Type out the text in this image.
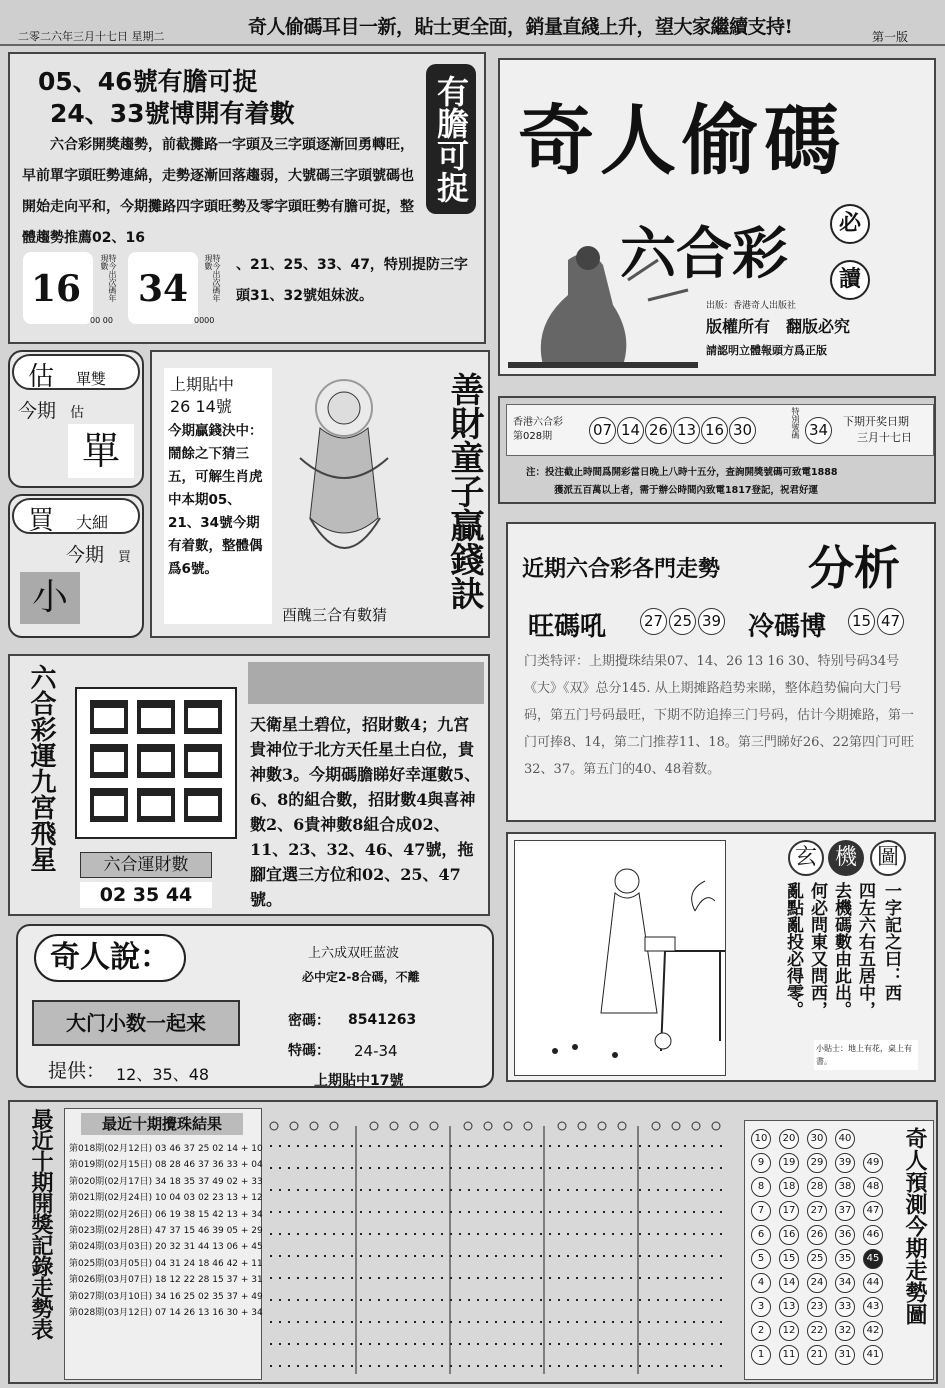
二零二六年三月十七日 星期二	奇人偷碼耳目一新，貼士更全面，銷量直綫上升，望大家繼續支持!	第一版
05、46號有膽可捉
24、33號博開有着數
六合彩開獎趨勢，前截攤路一字頭及三字頭逐漸回勇轉旺，早前單字頭旺勢連綿，走勢逐漸回落趨弱，大號碼三字頭號碼也開始走向平和，今期攤路四字頭旺勢及零字頭旺勢有膽可捉，整體趨勢推薦02、16
16	特今出次碼年現數
00 00
34	特今出次碼年現數
0000
、21、25、33、47，特別提防三字頭31、32號姐妹波。
有膽可捉 奇人偷碼
六合彩	必
讀
出版：香港奇人出版社
版權所有　翻版必究
請認明立體報頭方爲正版
估 單雙
今期 估
單
買 大細
今期 買
小
上期貼中
26 14號
今期贏錢決中：鬧餘之下猜三五，可解生肖虎中本期05、21、34號今期有着數，整體偶爲6號。
酉醜三合有數猜
善財童子贏錢訣	香港六合彩
第028期	07 14 26 13 16 30	特別號碼 34	下期开奖日期
三月十七日
注：投注截止時間爲開彩當日晚上八時十五分，查詢開獎號碼可致電1888
獲派五百萬以上者，需于辦公時間內致電1817登記，祝君好運
近期六合彩各門走勢 分析
旺碼吼	27 25 39 冷碼博 15 47
门类特评：上期攪珠结果07、14、26 13 16 30、特别号码34号《大》《双》总分145. 从上期摊路趋势来睇，整体趋势偏向大门号码，第五门号码最旺，下期不防追捧三门号码，估计今期摊路，第一门可捧8、14，第二门推荐11、18。第三門睇好26、22第四门可旺32、37。第五门的40、48着数。
六合彩運九宮飛星	六合運財數
02 35 44
天衛星土碧位，招財數4；九宮貴神位于北方天任星土白位，貴神數3。今期碼膽睇好幸運數5、6、8的組合數，招財數4與喜神數2、6貴神數8組合成02、11、23、32、46、47號，拖腳宜選三方位和02、25、47號。
玄 機 圖
一字記之曰：西
四左六右五居中，
去機碼數由此出。
何必問東又問西，
亂點亂投必得零。
小貼士：地上有花，桌上有書。
奇人說：
大门小数一起来
提供： 12、35、48
上六成双旺蓝波
必中定2-8合碼，不離
密碼： 8541263
特碼： 24-34
上期貼中17號
最近十期開獎記錄走勢表	最近十期攪珠結果
第018期(02月12日) 03 46 37 25 02 14 + 10
第019期(02月15日) 08 28 46 37 36 33 + 04
第020期(02月17日) 34 18 35 37 49 02 + 33
第021期(02月24日) 10 04 03 02 23 13 + 12
第022期(02月26日) 06 19 38 15 42 13 + 34
第023期(02月28日) 47 37 15 46 39 05 + 29
第024期(03月03日) 20 32 31 44 13 06 + 45
第025期(03月05日) 04 31 24 18 46 42 + 11
第026期(03月07日) 18 12 22 28 15 37 + 31
第027期(03月10日) 34 16 25 02 35 37 + 49
第028期(03月12日) 07 14 26 13 16 30 + 34	奇人預測今期走勢圖
10	20	30	40
9	19	29	39	49
8	18	28	38	48
7	17	27	37	47
6	16	26	36	46
5	15	25	35	45
4	14	24	34	44
3	13	23	33	43
2	12	22	32	42
1	11	21	31	41
